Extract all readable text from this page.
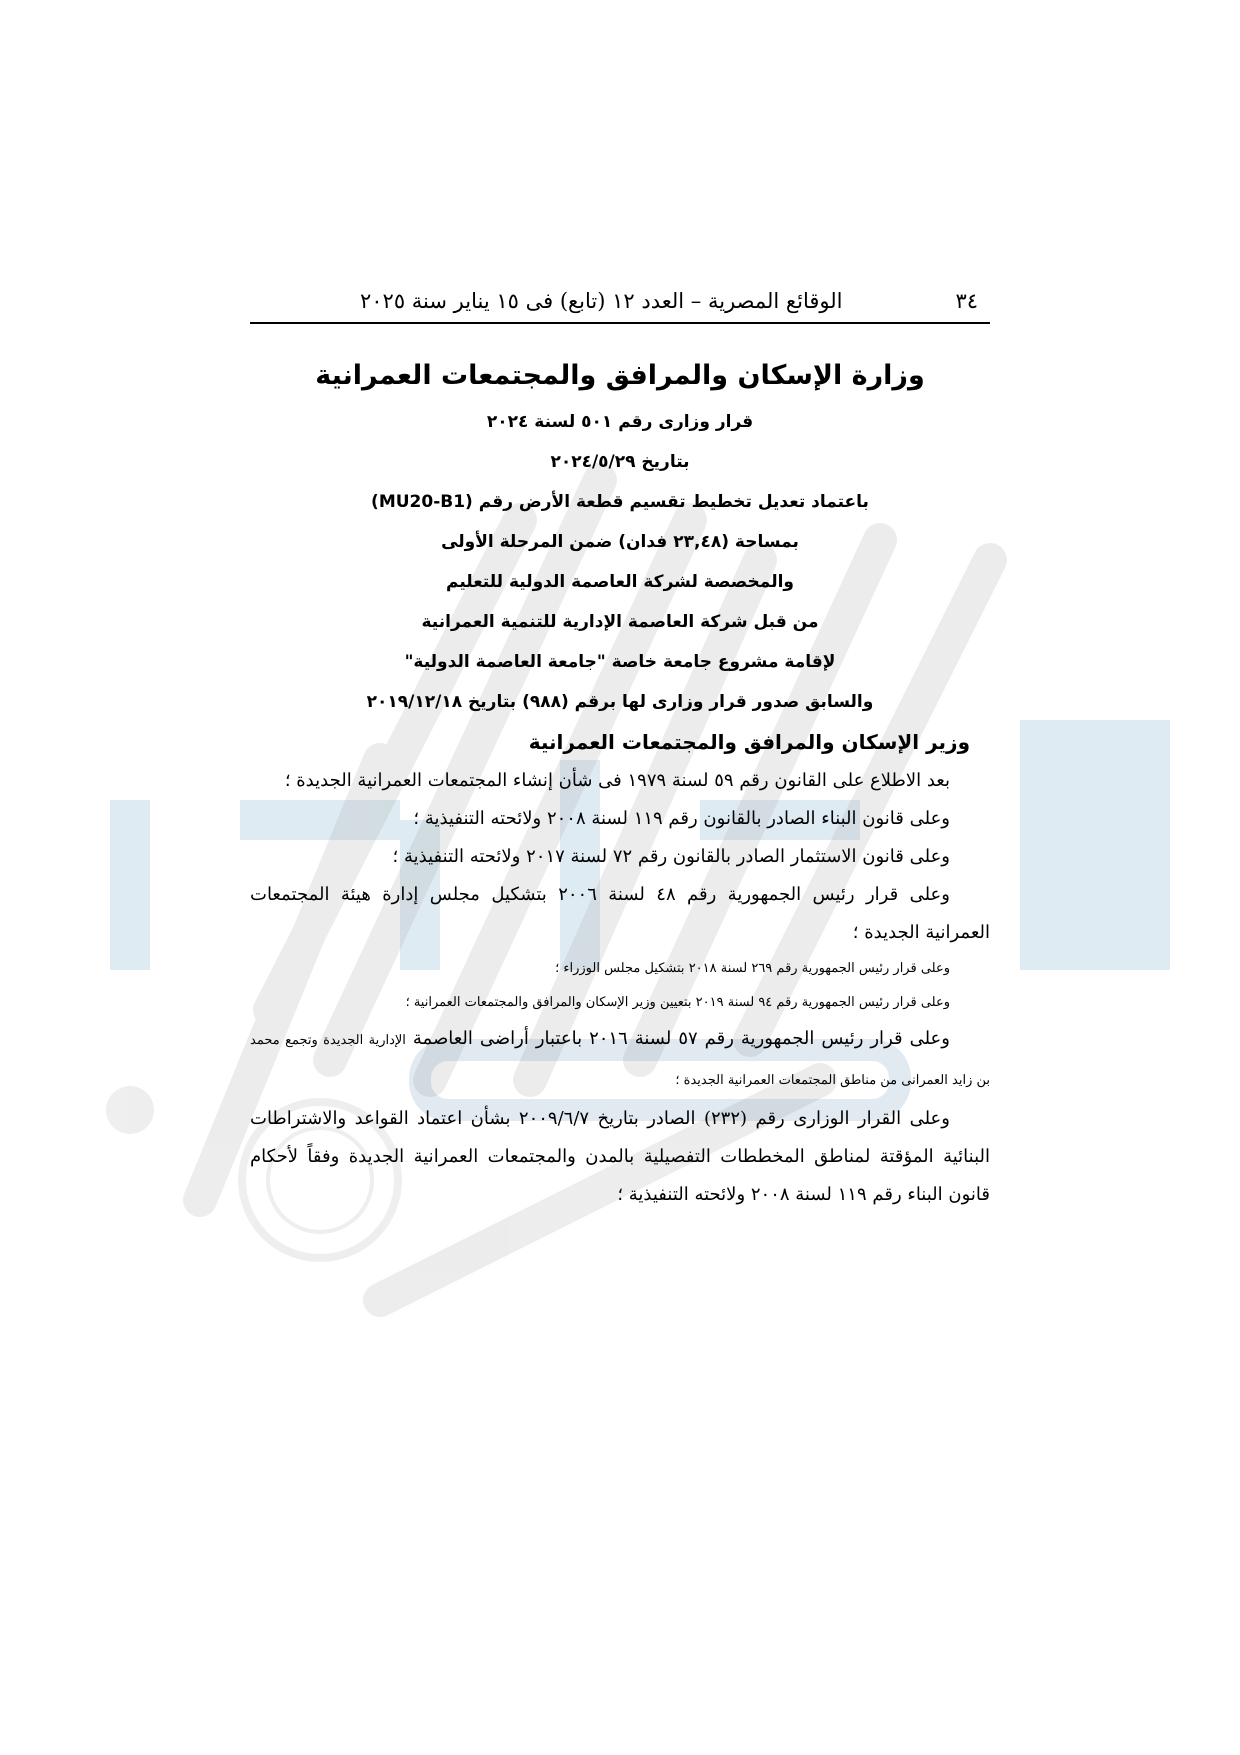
٣٤
الوقائع المصرية – العدد ١٢ (تابع) فى ١٥ يناير سنة ٢٠٢٥
وزارة الإسكان والمرافق والمجتمعات العمرانية
قرار وزارى رقم ٥٠١ لسنة ٢٠٢٤
بتاريخ ٢٠٢٤/٥/٢٩
باعتماد تعديل تخطيط تقسيم قطعة الأرض رقم (MU20-B1)
بمساحة (٢٣,٤٨ فدان) ضمن المرحلة الأولى
والمخصصة لشركة العاصمة الدولية للتعليم
من قبل شركة العاصمة الإدارية للتنمية العمرانية
لإقامة مشروع جامعة خاصة "جامعة العاصمة الدولية"
والسابق صدور قرار وزارى لها برقم (٩٨٨) بتاريخ ٢٠١٩/١٢/١٨
وزير الإسكان والمرافق والمجتمعات العمرانية

بعد الاطلاع على القانون رقم ٥٩ لسنة ١٩٧٩ فى شأن إنشاء المجتمعات العمرانية الجديدة ؛

وعلى قانون البناء الصادر بالقانون رقم ١١٩ لسنة ٢٠٠٨ ولائحته التنفيذية ؛

وعلى قانون الاستثمار الصادر بالقانون رقم ٧٢ لسنة ٢٠١٧ ولائحته التنفيذية ؛

وعلى قرار رئيس الجمهورية رقم ٤٨ لسنة ٢٠٠٦ بتشكيل مجلس إدارة هيئة المجتمعات العمرانية الجديدة ؛

وعلى قرار رئيس الجمهورية رقم ٢٦٩ لسنة ٢٠١٨ بتشكيل مجلس الوزراء ؛

وعلى قرار رئيس الجمهورية رقم ٩٤ لسنة ٢٠١٩ بتعيين وزير الإسكان والمرافق والمجتمعات العمرانية ؛

وعلى قرار رئيس الجمهورية رقم ٥٧ لسنة ٢٠١٦ باعتبار أراضى العاصمة الإدارية الجديدة وتجمع محمد بن زايد العمرانى من مناطق المجتمعات العمرانية الجديدة ؛

وعلى القرار الوزارى رقم (٢٣٢) الصادر بتاريخ ٢٠٠٩/٦/٧ بشأن اعتماد القواعد والاشتراطات البنائية المؤقتة لمناطق المخططات التفصيلية بالمدن والمجتمعات العمرانية الجديدة وفقاً لأحكام قانون البناء رقم ١١٩ لسنة ٢٠٠٨ ولائحته التنفيذية ؛
